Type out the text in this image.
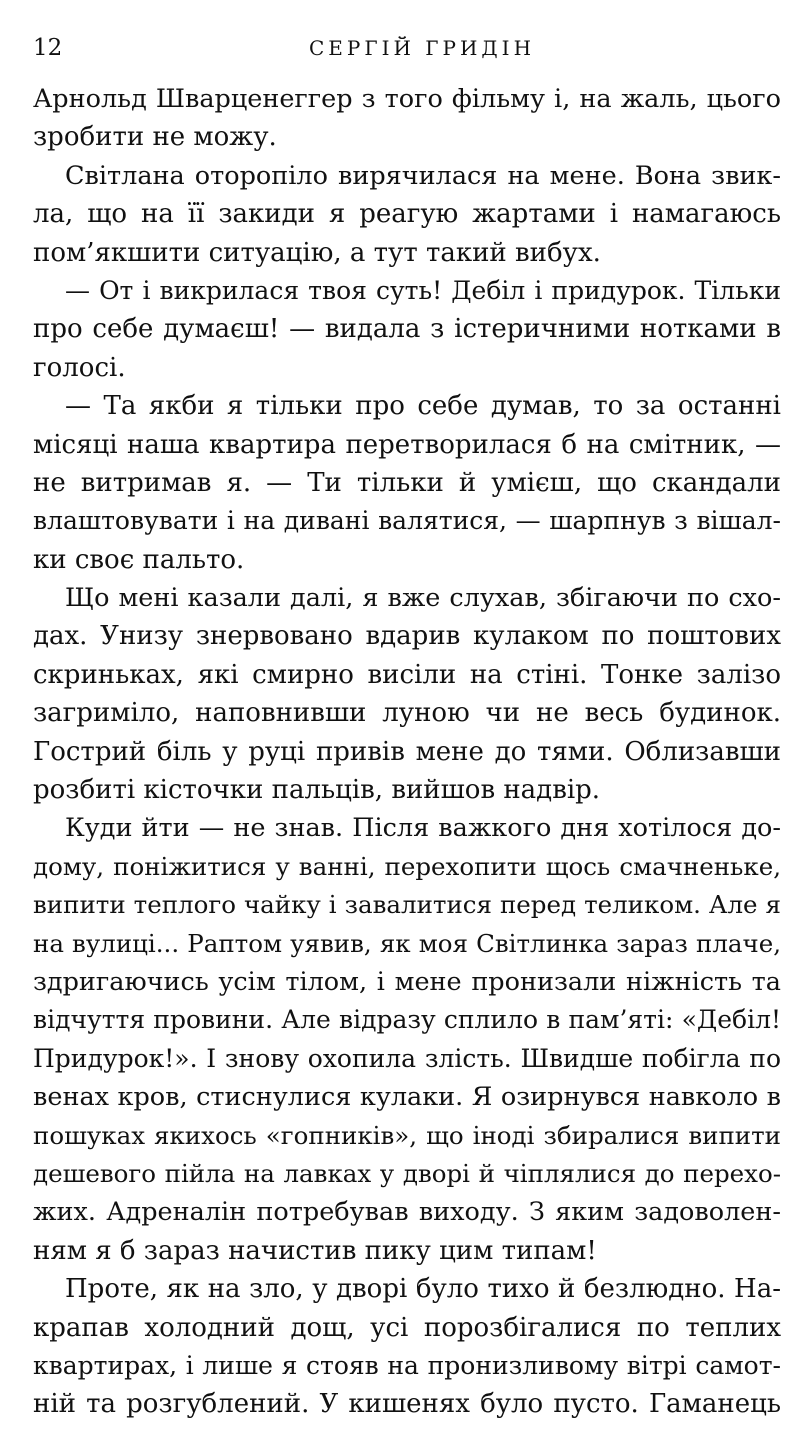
12	СЕРГІЙ ГРИДІН
Арнольд Шварценеггер з того фільму і, на жаль, цього
зробити не можу.
Світлана оторопіло вирячилася на мене. Вона звик-
ла, що на її закиди я реагую жартами і намагаюсь
пом’якшити ситуацію, а тут такий вибух.
— От і викрилася твоя суть! Дебіл і придурок. Тільки
про себе думаєш! — видала з істеричними нотками в
голосі.
— Та якби я тільки про себе думав, то за останні
місяці наша квартира перетворилася б на смітник, —
не витримав я. — Ти тільки й умієш, що скандали
влаштовувати і на дивані валятися, — шарпнув з вішал-
ки своє пальто.
Що мені казали далі, я вже слухав, збігаючи по схо-
дах. Унизу знервовано вдарив кулаком по поштових
скриньках, які смирно висіли на стіні. Тонке залізо
загриміло, наповнивши луною чи не весь будинок.
Гострий біль у руці привів мене до тями. Облизавши
розбиті кісточки пальців, вийшов надвір.
Куди йти — не знав. Після важкого дня хотілося до-
дому, поніжитися у ванні, перехопити щось смачненьке,
випити теплого чайку і завалитися перед теликом. Але я
на вулиці... Раптом уявив, як моя Світлинка зараз плаче,
здригаючись усім тілом, і мене пронизали ніжність та
відчуття провини. Але відразу сплило в пам’яті: «Дебіл!
Придурок!». І знову охопила злість. Швидше побігла по
венах кров, стиснулися кулаки. Я озирнувся навколо в
пошуках якихось «гопників», що іноді збиралися випити
дешевого пійла на лавках у дворі й чіплялися до перехо-
жих. Адреналін потребував виходу. З яким задоволен-
ням я б зараз начистив пику цим типам!
Проте, як на зло, у дворі було тихо й безлюдно. На-
крапав холодний дощ, усі порозбігалися по теплих
квартирах, і лише я стояв на пронизливому вітрі самот-
ній та розгублений. У кишенях було пусто. Гаманець
